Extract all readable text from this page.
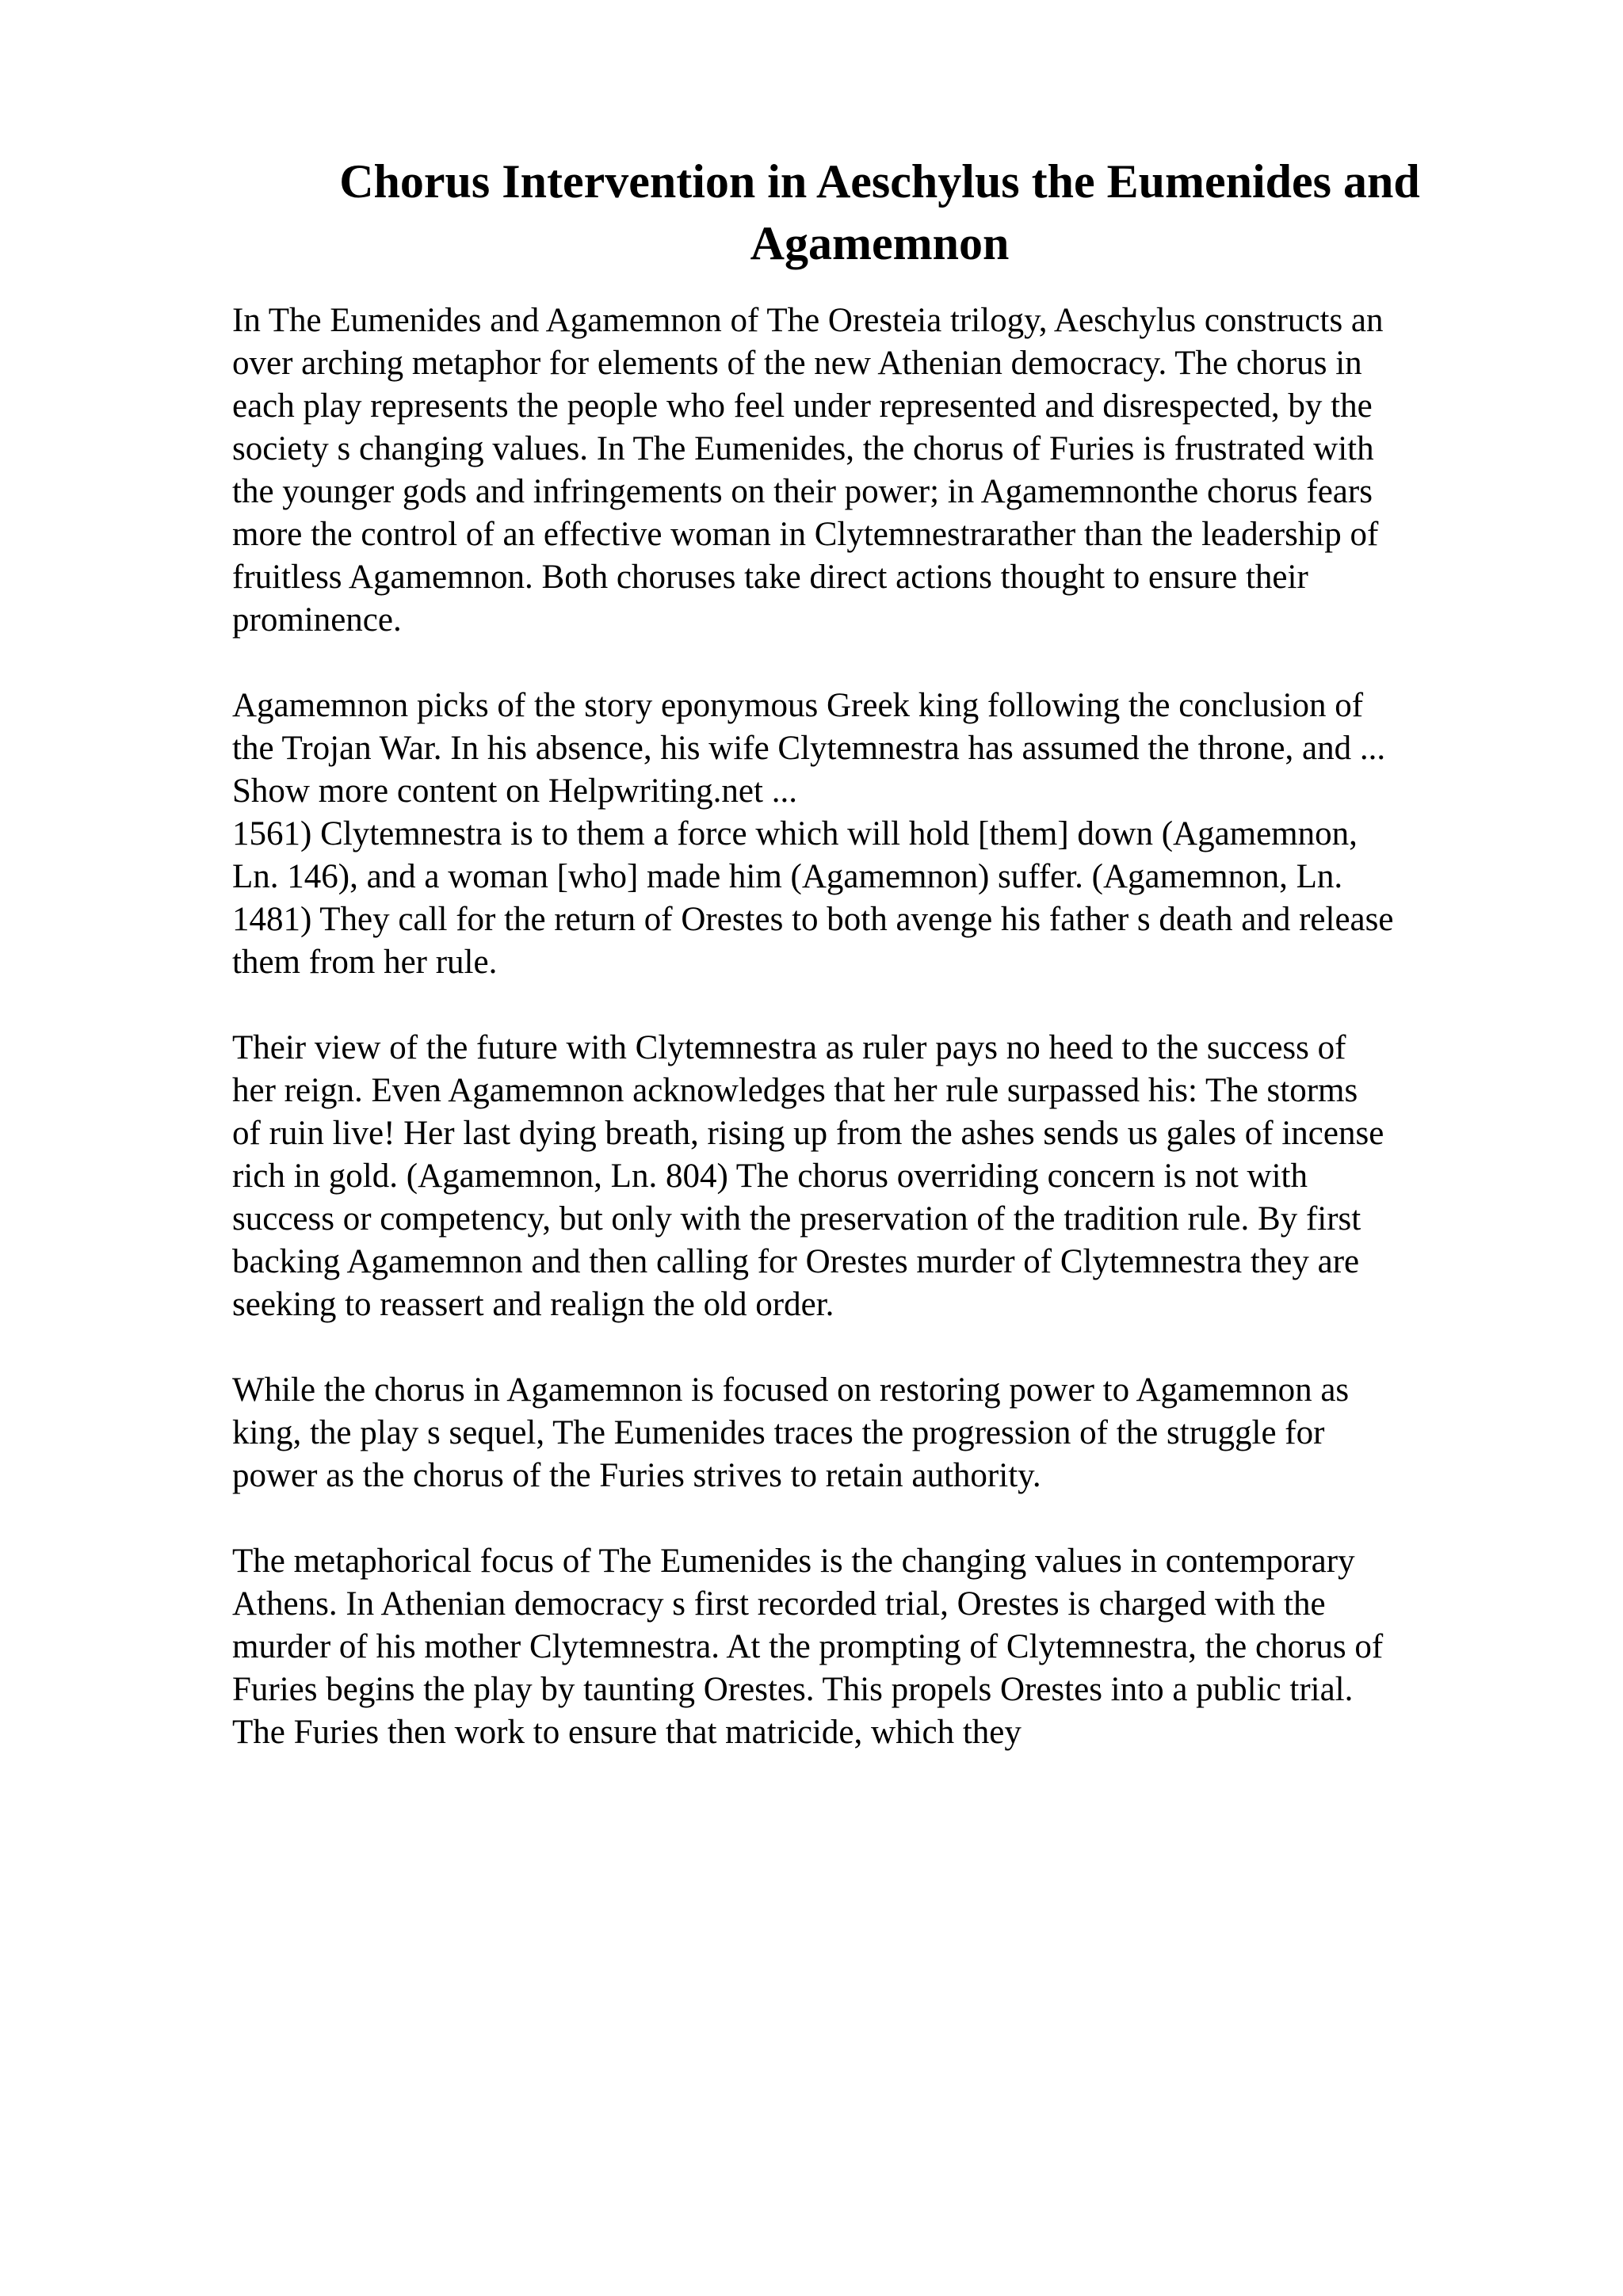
Chorus Intervention in Aeschylus the Eumenides and
Agamemnon

In The Eumenides and Agamemnon of The Oresteia trilogy, Aeschylus constructs an
over arching metaphor for elements of the new Athenian democracy. The chorus in
each play represents the people who feel under represented and disrespected, by the
society s changing values. In The Eumenides, the chorus of Furies is frustrated with
the younger gods and infringements on their power; in Agamemnonthe chorus fears
more the control of an effective woman in Clytemnestrarather than the leadership of
fruitless Agamemnon. Both choruses take direct actions thought to ensure their
prominence.

Agamemnon picks of the story eponymous Greek king following the conclusion of
the Trojan War. In his absence, his wife Clytemnestra has assumed the throne, and ...
Show more content on Helpwriting.net ...
1561) Clytemnestra is to them a force which will hold [them] down (Agamemnon,
Ln. 146), and a woman [who] made him (Agamemnon) suffer. (Agamemnon, Ln.
1481) They call for the return of Orestes to both avenge his father s death and release
them from her rule.

Their view of the future with Clytemnestra as ruler pays no heed to the success of
her reign. Even Agamemnon acknowledges that her rule surpassed his: The storms
of ruin live! Her last dying breath, rising up from the ashes sends us gales of incense
rich in gold. (Agamemnon, Ln. 804) The chorus overriding concern is not with
success or competency, but only with the preservation of the tradition rule. By first
backing Agamemnon and then calling for Orestes murder of Clytemnestra they are
seeking to reassert and realign the old order.

While the chorus in Agamemnon is focused on restoring power to Agamemnon as
king, the play s sequel, The Eumenides traces the progression of the struggle for
power as the chorus of the Furies strives to retain authority.

The metaphorical focus of The Eumenides is the changing values in contemporary
Athens. In Athenian democracy s first recorded trial, Orestes is charged with the
murder of his mother Clytemnestra. At the prompting of Clytemnestra, the chorus of
Furies begins the play by taunting Orestes. This propels Orestes into a public trial.
The Furies then work to ensure that matricide, which they
